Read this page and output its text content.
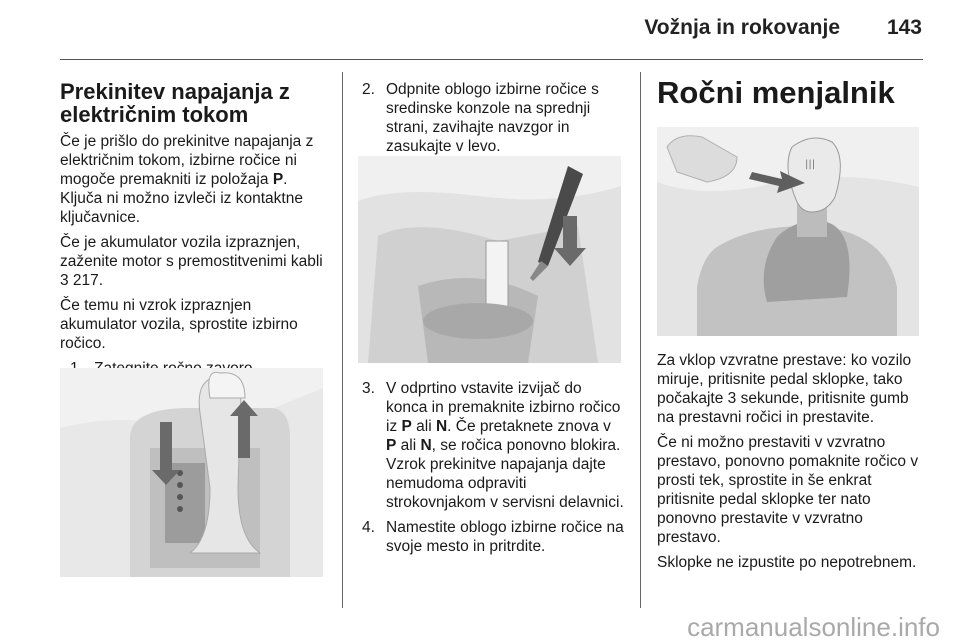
Vožnja in rokovanje	143
Prekinitev napajanja z električnim tokom

Če je prišlo do prekinitve napajanja z električnim tokom, izbirne ročice ni mogoče premakniti iz položaja P. Ključa ni možno izvleči iz kontaktne ključavnice.

Če je akumulator vozila izpraznjen, zaženite motor s premostitvenimi kabli 3 217.

Če temu ni vzrok izpraznjen akumulator vozila, sprostite izbirno ročico.

2. Odpnite oblogo izbirne ročice s sredinske konzole na sprednji strani, zavihajte navzgor in zasukajte v levo.
3. V odprtino vstavite izvijač do konca in premaknite izbirno ročico iz P ali N. Če pretaknete znova v P ali N, se ročica ponovno blokira. Vzrok prekinitve napajanja dajte nemudoma odpraviti strokovnjakom v servisni delavnici.
4. Namestite oblogo izbirne ročice na svoje mesto in pritrdite.
Ročni menjalnik
|||

Za vklop vzvratne prestave: ko vozilo miruje, pritisnite pedal sklopke, tako počakajte 3 sekunde, pritisnite gumb na prestavni ročici in prestavite.

Če ni možno prestaviti v vzvratno prestavo, ponovno pomaknite ročico v prosti tek, sprostite in še enkrat pritisnite pedal sklopke ter nato ponovno prestavite v vzvratno prestavo.

Sklopke ne izpustite po nepotrebnem.

carmanualsonline.info
